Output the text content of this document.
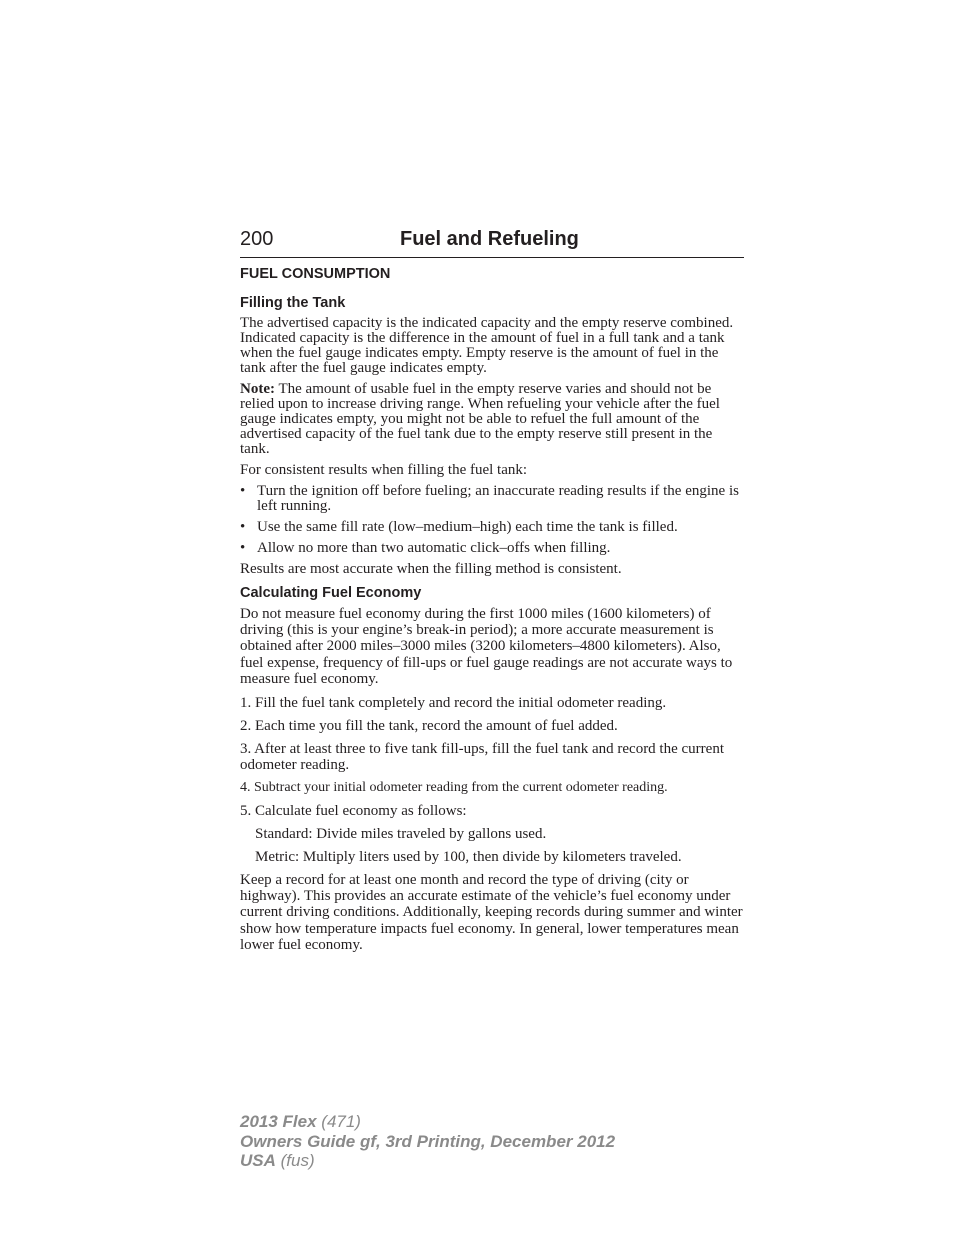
200	Fuel and Refueling
FUEL CONSUMPTION
Filling the Tank

The advertised capacity is the indicated capacity and the empty reserve combined. Indicated capacity is the difference in the amount of fuel in a full tank and a tank when the fuel gauge indicates empty. Empty reserve is the amount of fuel in the tank after the fuel gauge indicates empty.

Note: The amount of usable fuel in the empty reserve varies and should not be relied upon to increase driving range. When refueling your vehicle after the fuel gauge indicates empty, you might not be able to refuel the full amount of the advertised capacity of the fuel tank due to the empty reserve still present in the tank.

For consistent results when filling the fuel tank:

• Turn the ignition off before fueling; an inaccurate reading results if the engine is left running.
• Use the same fill rate (low–medium–high) each time the tank is filled.
• Allow no more than two automatic click–offs when filling.

Results are most accurate when the filling method is consistent.

Calculating Fuel Economy

Do not measure fuel economy during the first 1000 miles (1600 kilometers) of driving (this is your engine’s break-in period); a more accurate measurement is obtained after 2000 miles–3000 miles (3200 kilometers–4800 kilometers). Also, fuel expense, frequency of fill-ups or fuel gauge readings are not accurate ways to measure fuel economy.

1. Fill the fuel tank completely and record the initial odometer reading.

2. Each time you fill the tank, record the amount of fuel added.

3. After at least three to five tank fill-ups, fill the fuel tank and record the current odometer reading.

4. Subtract your initial odometer reading from the current odometer reading.

5. Calculate fuel economy as follows:

Standard: Divide miles traveled by gallons used.

Metric: Multiply liters used by 100, then divide by kilometers traveled.

Keep a record for at least one month and record the type of driving (city or highway). This provides an accurate estimate of the vehicle’s fuel economy under current driving conditions. Additionally, keeping records during summer and winter show how temperature impacts fuel economy. In general, lower temperatures mean lower fuel economy.

2013 Flex (471)
Owners Guide gf, 3rd Printing, December 2012
USA (fus)
